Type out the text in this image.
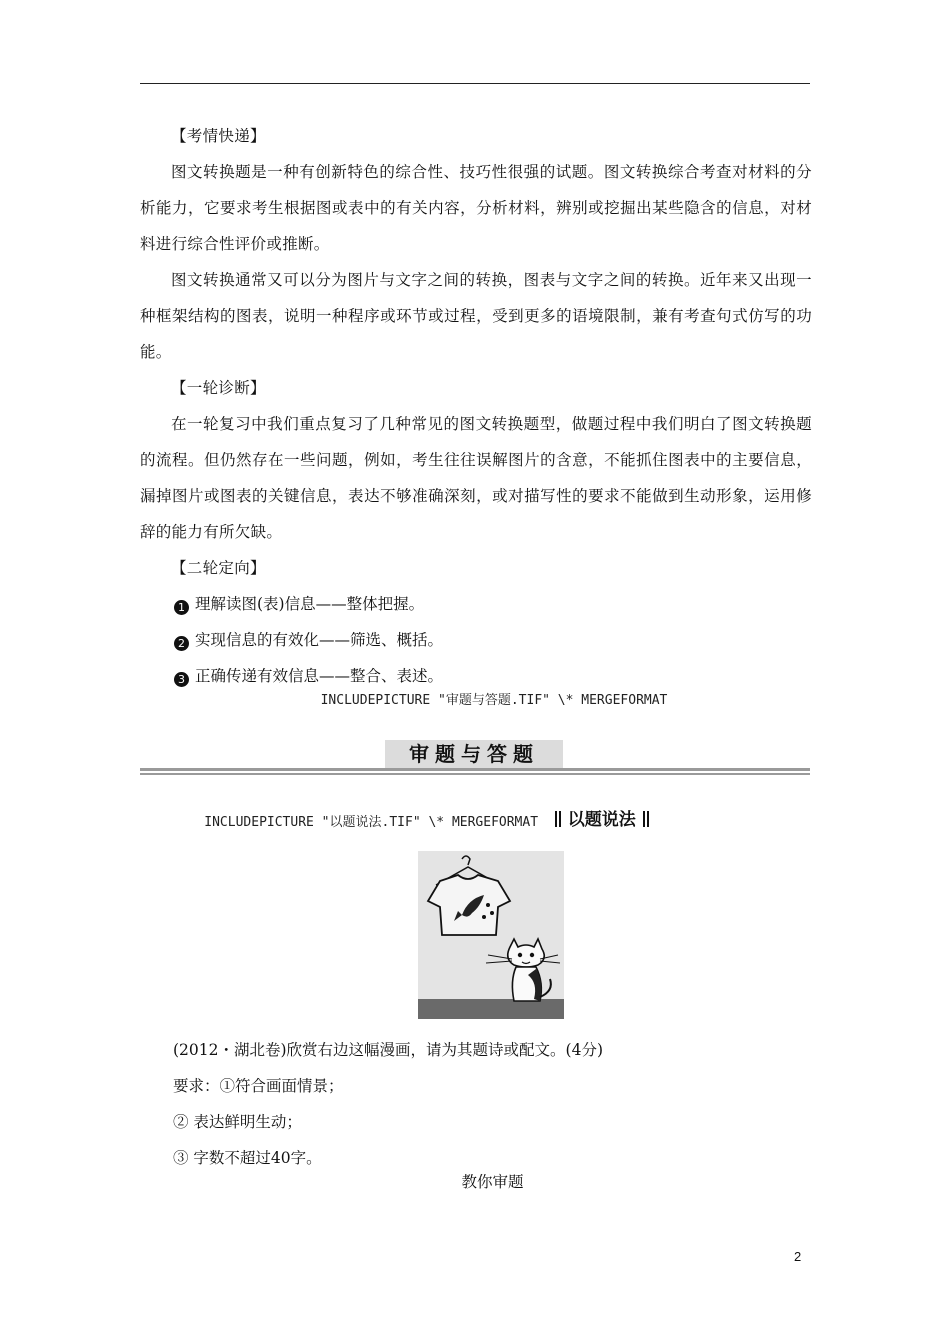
【考情快递】

图文转换题是一种有创新特色的综合性、技巧性很强的试题。图文转换综合考查对材料的分析能力，它要求考生根据图或表中的有关内容，分析材料，辨别或挖掘出某些隐含的信息，对材料进行综合性评价或推断。

图文转换通常又可以分为图片与文字之间的转换，图表与文字之间的转换。近年来又出现一种框架结构的图表，说明一种程序或环节或过程，受到更多的语境限制，兼有考查句式仿写的功能。

【一轮诊断】

在一轮复习中我们重点复习了几种常见的图文转换题型，做题过程中我们明白了图文转换题的流程。但仍然存在一些问题，例如，考生往往误解图片的含意，不能抓住图表中的主要信息，漏掉图片或图表的关键信息，表达不够准确深刻，或对描写性的要求不能做到生动形象，运用修辞的能力有所欠缺。

【二轮定向】

1 理解读图(表)信息——整体把握。

2 实现信息的有效化——筛选、概括。

3 正确传递有效信息——整合、表述。

INCLUDEPICTURE "审题与答题.TIF" \* MERGEFORMAT
审题与答题
INCLUDEPICTURE "以题说法.TIF" \* MERGEFORMAT 以题说法

(2012・湖北卷)欣赏右边这幅漫画，请为其题诗或配文。(4分)

要求：①符合画面情景；

② 表达鲜明生动；

③ 字数不超过40字。

教你审题
2
